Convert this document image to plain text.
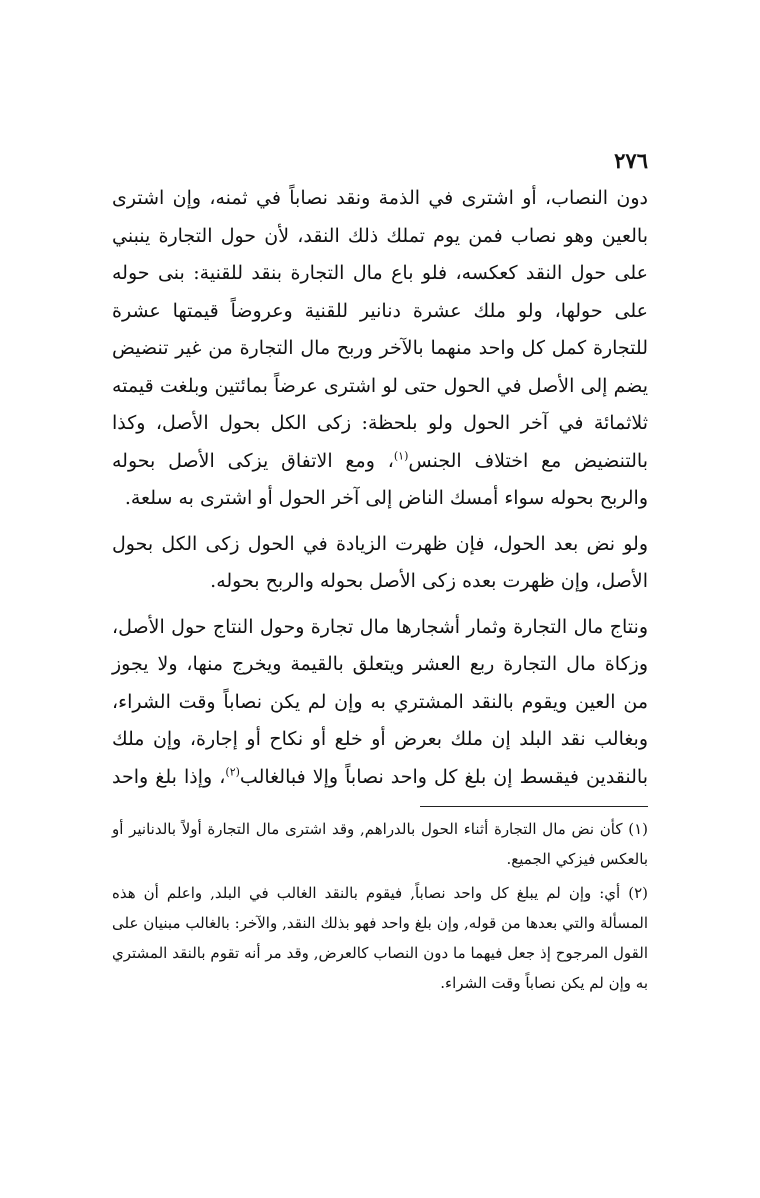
٢٧٦

دون النصاب، أو اشترى في الذمة ونقد نصاباً في ثمنه، وإن اشترى بالعين وهو نصاب فمن يوم تملك ذلك النقد، لأن حول التجارة ينبني على حول النقد كعكسه، فلو باع مال التجارة بنقد للقنية: بنى حوله على حولها، ولو ملك عشرة دنانير للقنية وعروضاً قيمتها عشرة للتجارة كمل كل واحد منهما بالآخر وربح مال التجارة من غير تنضيض يضم إلى الأصل في الحول حتى لو اشترى عرضاً بمائتين وبلغت قيمته ثلاثمائة في آخر الحول ولو بلحظة: زكى الكل بحول الأصل، وكذا بالتنضيض مع اختلاف الجنس$^{(١)}$، ومع الاتفاق يزكى الأصل بحوله والربح بحوله سواء أمسك الناض إلى آخر الحول أو اشترى به سلعة.

ولو نض بعد الحول، فإن ظهرت الزيادة في الحول زكى الكل بحول الأصل، وإن ظهرت بعده زكى الأصل بحوله والربح بحوله.

ونتاج مال التجارة وثمار أشجارها مال تجارة وحول النتاج حول الأصل، وزكاة مال التجارة ربع العشر ويتعلق بالقيمة ويخرج منها، ولا يجوز من العين ويقوم بالنقد المشتري به وإن لم يكن نصاباً وقت الشراء، وبغالب نقد البلد إن ملك بعرض أو خلع أو نكاح أو إجارة، وإن ملك بالنقدين فيقسط إن بلغ كل واحد نصاباً وإلا فبالغالب$^{(٢)}$، وإذا بلغ واحد

(١) كأن نض مال التجارة أثناء الحول بالدراهم, وقد اشترى مال التجارة أولاً بالدنانير أو بالعكس فيزكي الجميع.

(٢) أي: وإن لم يبلغ كل واحد نصاباً, فيقوم بالنقد الغالب في البلد, واعلم أن هذه المسألة والتي بعدها من قوله, وإن بلغ واحد فهو بذلك النقد, والآخر: بالغالب مبنيان على القول المرجوح إذ جعل فيهما ما دون النصاب كالعرض, وقد مر أنه تقوم بالنقد المشتري به وإن لم يكن نصاباً وقت الشراء.
